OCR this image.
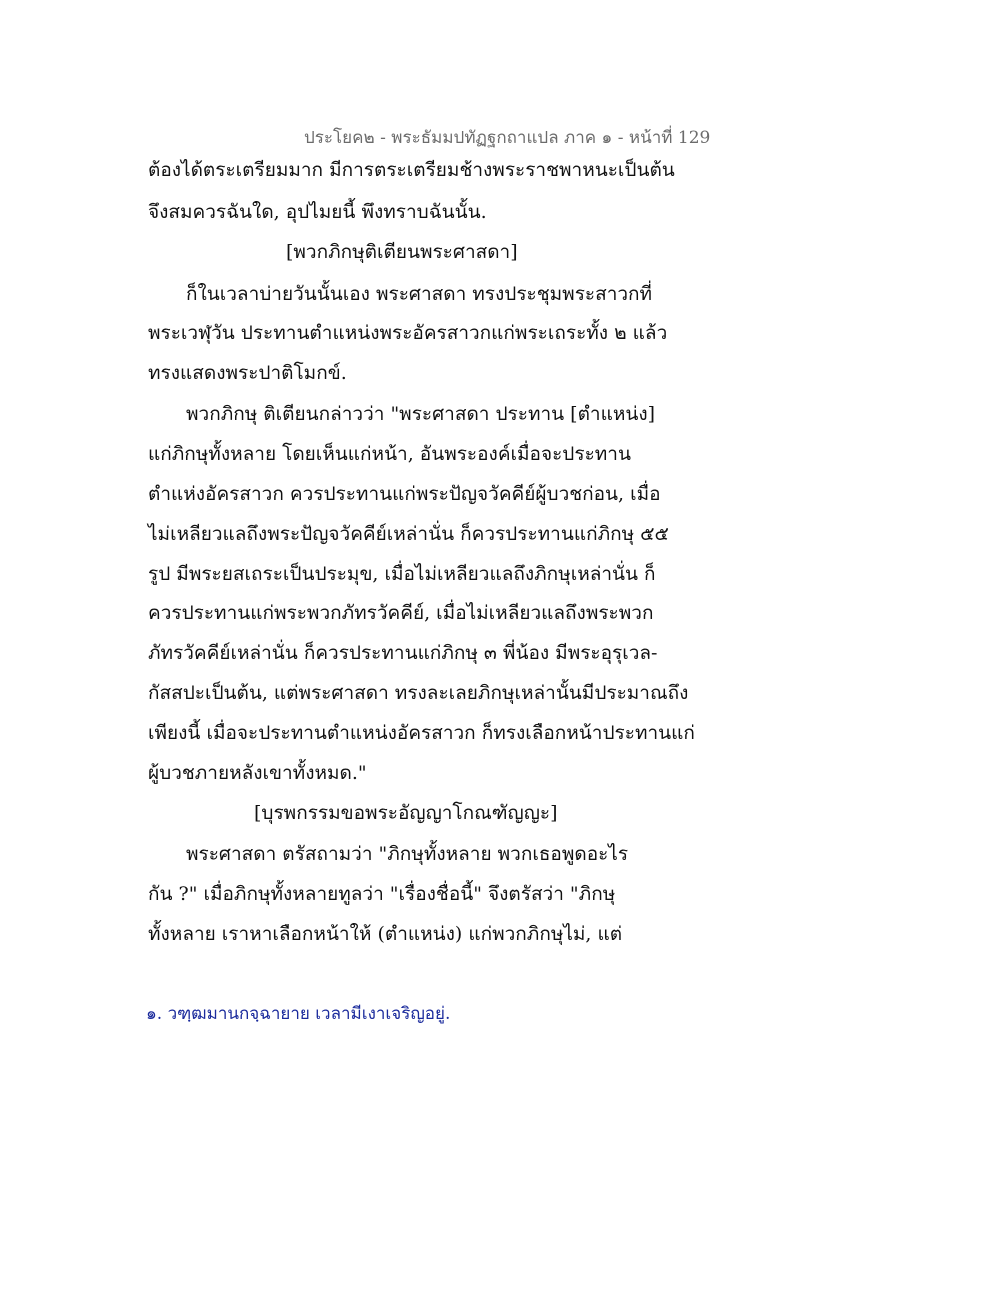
ประโยค๒ - พระธัมมปทัฏฐกถาแปล ภาค ๑ - หน้าที่ 129
ต้องได้ตระเตรียมมาก มีการตระเตรียมช้างพระราชพาหนะเป็นต้น
จึงสมควรฉันใด, อุปไมยนี้ พึงทราบฉันนั้น.
[พวกภิกษุติเตียนพระศาสดา]
ก็ในเวลาบ่ายวันนั้นเอง พระศาสดา ทรงประชุมพระสาวกที่
พระเวฬุวัน ประทานตำแหน่งพระอัครสาวกแก่พระเถระทั้ง ๒ แล้ว
ทรงแสดงพระปาติโมกข์.
พวกภิกษุ ติเตียนกล่าวว่า "พระศาสดา ประทาน [ตำแหน่ง]
แก่ภิกษุทั้งหลาย โดยเห็นแก่หน้า, อันพระองค์เมื่อจะประทาน
ตำแห่งอัครสาวก ควรประทานแก่พระปัญจวัคคีย์ผู้บวชก่อน, เมื่อ
ไม่เหลียวแลถึงพระปัญจวัคคีย์เหล่านั่น ก็ควรประทานแก่ภิกษุ ๕๕
รูป มีพระยสเถระเป็นประมุข, เมื่อไม่เหลียวแลถึงภิกษุเหล่านั่น ก็
ควรประทานแก่พระพวกภัทรวัคคีย์, เมื่อไม่เหลียวแลถึงพระพวก
ภัทรวัคคีย์เหล่านั่น ก็ควรประทานแก่ภิกษุ ๓ พี่น้อง มีพระอุรุเวล-
กัสสปะเป็นต้น, แต่พระศาสดา ทรงละเลยภิกษุเหล่านั้นมีประมาณถึง
เพียงนี้ เมื่อจะประทานตำแหน่งอัครสาวก ก็ทรงเลือกหน้าประทานแก่
ผู้บวชภายหลังเขาทั้งหมด."
[บุรพกรรมขอพระอัญญาโกณฑัญญะ]
พระศาสดา ตรัสถามว่า "ภิกษุทั้งหลาย พวกเธอพูดอะไร
กัน ?" เมื่อภิกษุทั้งหลายทูลว่า "เรื่องชื่อนี้" จึงตรัสว่า "ภิกษุ
ทั้งหลาย เราหาเลือกหน้าให้ (ตำแหน่ง) แก่พวกภิกษุไม่, แต่
๑. วฑฺฒมานกจฺฉายาย เวลามีเงาเจริญอยู่.
